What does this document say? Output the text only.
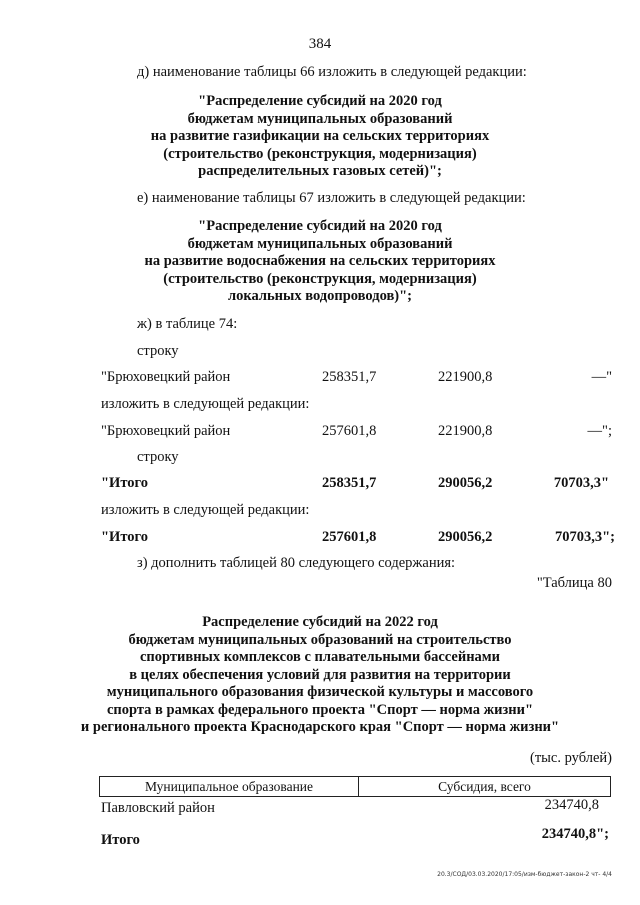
384
д) наименование таблицы 66 изложить в следующей редакции:
"Распределение субсидий на 2020 год
бюджетам муниципальных образований
на развитие газификации на сельских территориях
(строительство (реконструкция, модернизация)
распределительных газовых сетей)";
е) наименование таблицы 67 изложить в следующей редакции:
"Распределение субсидий на 2020 год
бюджетам муниципальных образований
на развитие водоснабжения на сельских территориях
(строительство (реконструкция, модернизация)
локальных водопроводов)";
ж) в таблице 74:
строку
"Брюховецкий район	258351,7	221900,8	—"
изложить в следующей редакции:
"Брюховецкий район	257601,8	221900,8	—";
строку
"Итого	258351,7	290056,2	70703,3"
изложить в следующей редакции:
"Итого	257601,8	290056,2	70703,3";
з) дополнить таблицей 80 следующего содержания:
"Таблица 80
Распределение субсидий на 2022 год
бюджетам муниципальных образований на строительство
спортивных комплексов с плавательными бассейнами
в целях обеспечения условий для развития на территории
муниципального образования физической культуры и массового
спорта в рамках федерального проекта "Спорт — норма жизни"
и регионального проекта Краснодарского края "Спорт — норма жизни"
(тыс. рублей)
Муниципальное образование	Субсидия, всего
Павловский район	234740,8
Итого	234740,8";
20.3/СОД/03.03.2020/17:05/изм-бюджет-закон-2 чт- 4/4
